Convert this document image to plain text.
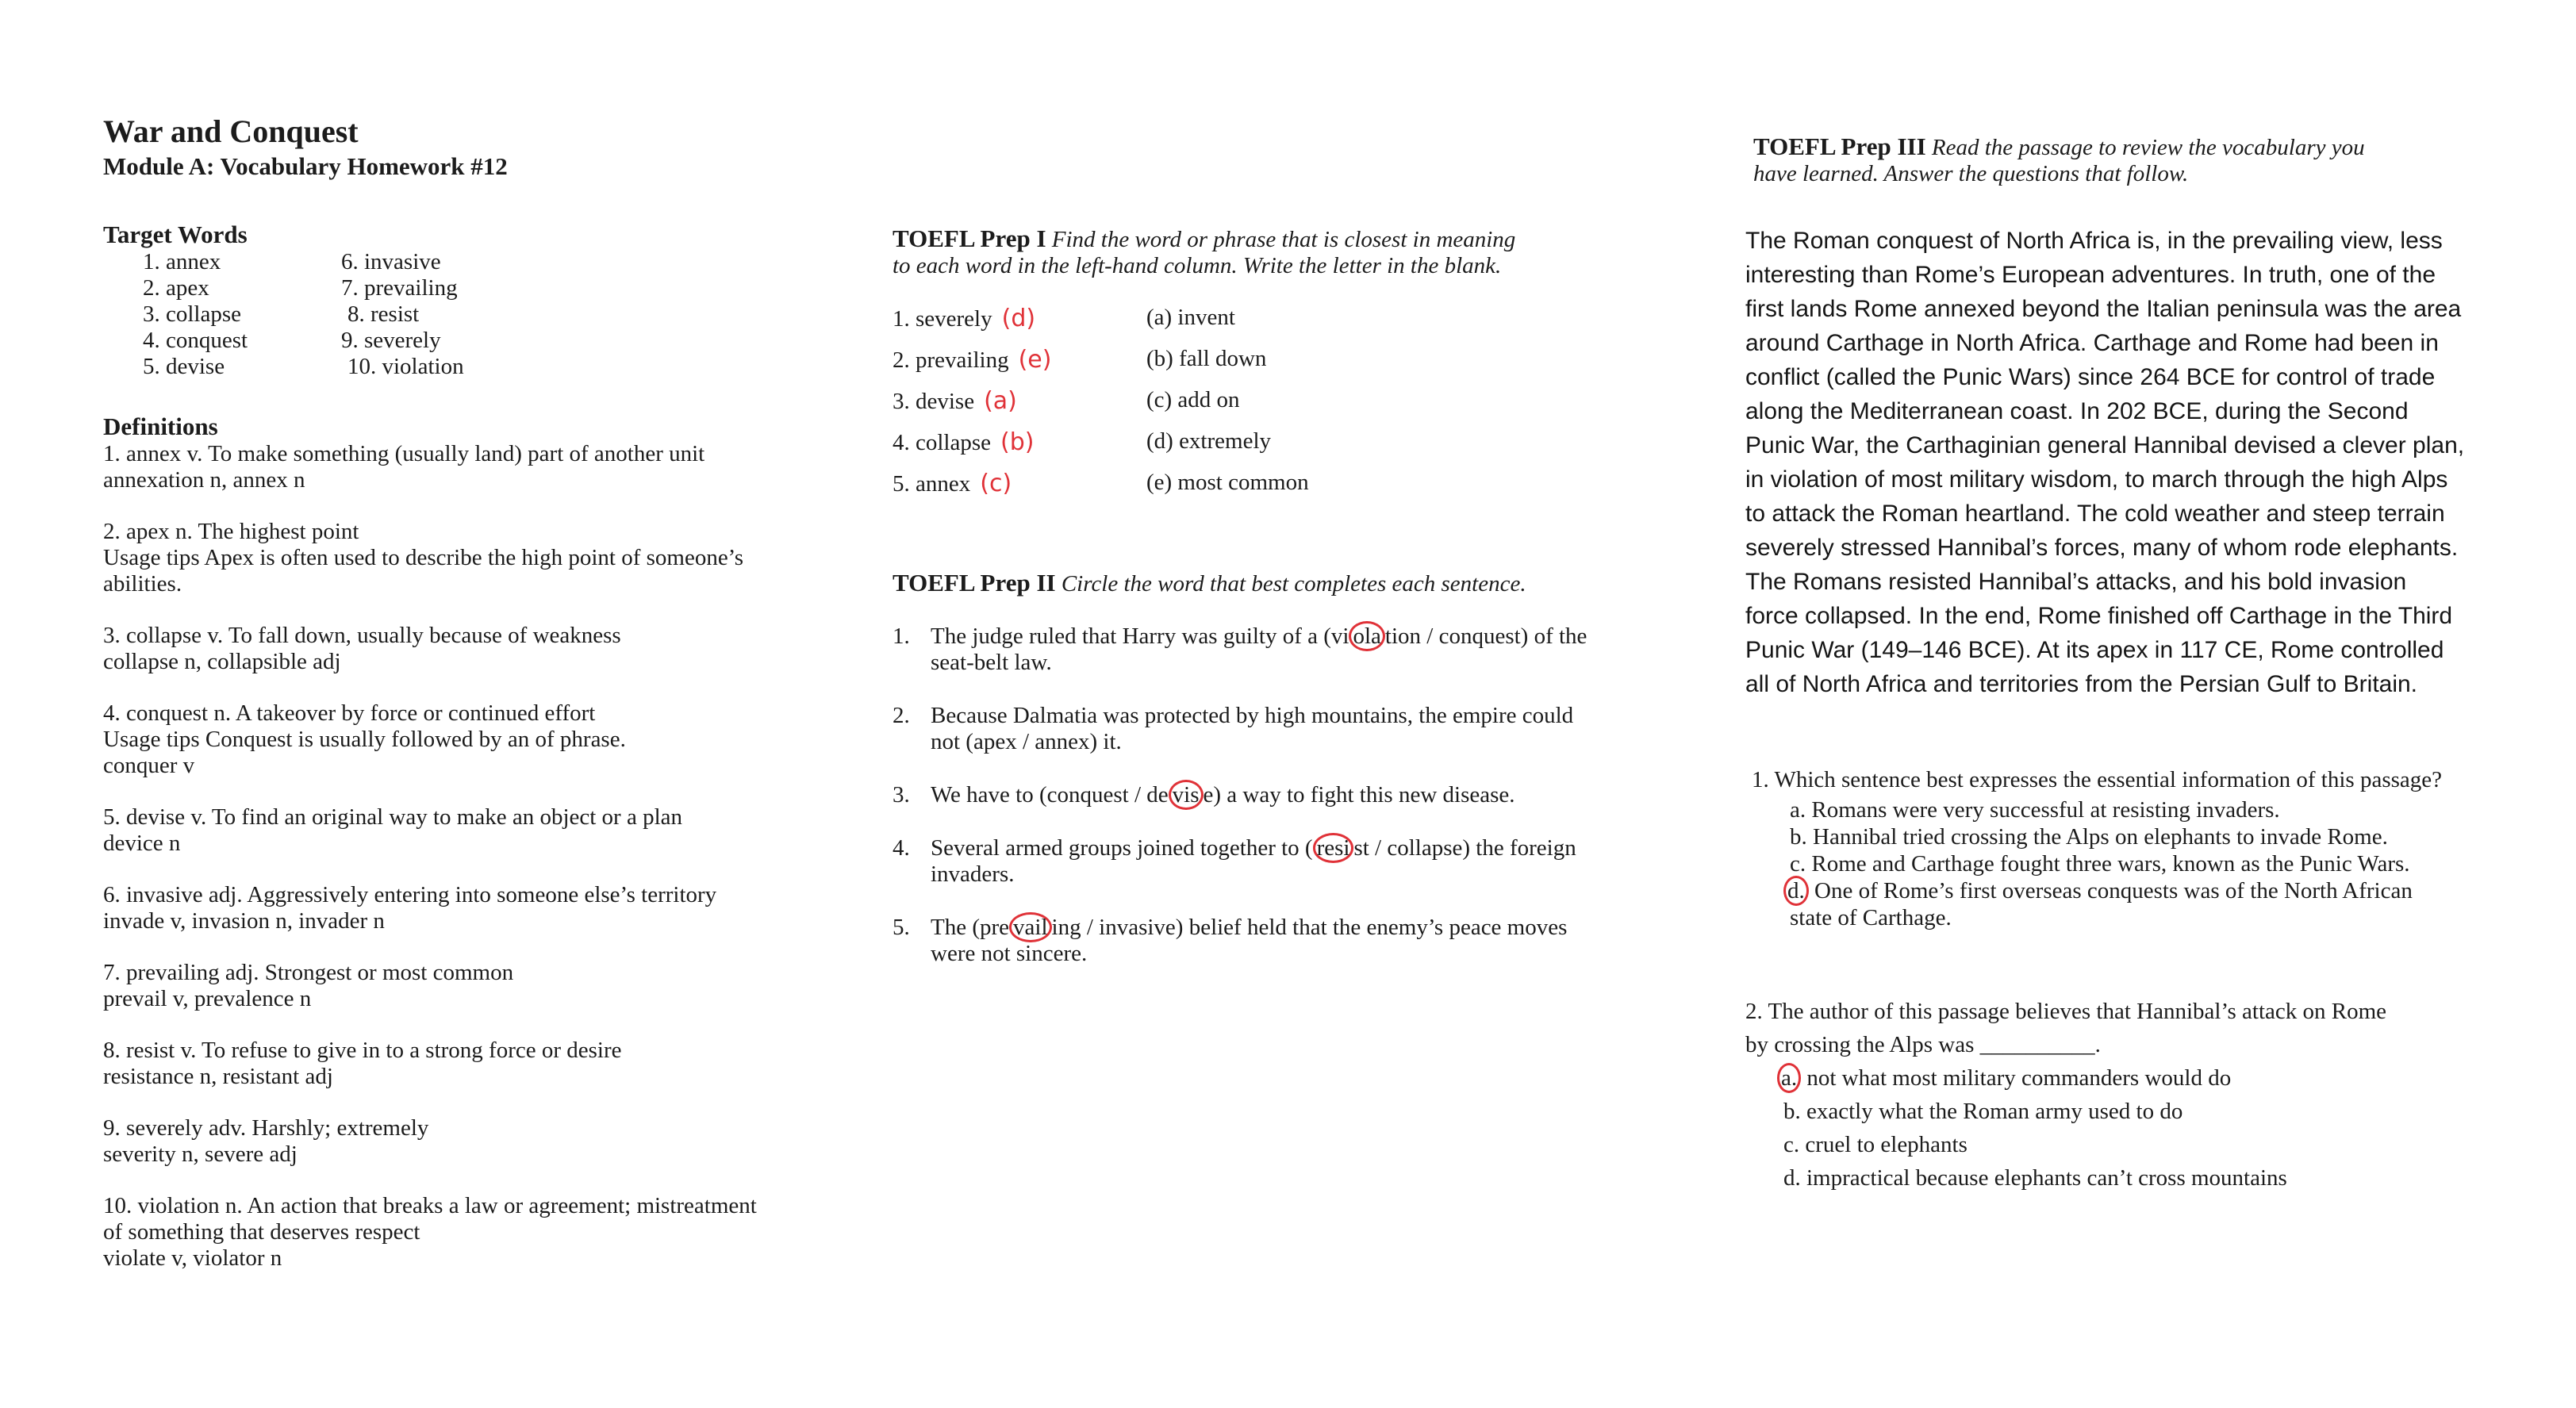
War and Conquest
Module A: Vocabulary Homework #12
Target Words
1. annex	6. invasive
2. apex	7. prevailing
3. collapse	8. resist
4. conquest	9. severely
5. devise	10. violation
Definitions
1. annex v. To make something (usually land) part of another unit
annexation n, annex n
2. apex n. The highest point
Usage tips Apex is often used to describe the high point of someone’s
abilities.
3. collapse v. To fall down, usually because of weakness
collapse n, collapsible adj
4. conquest n. A takeover by force or continued effort
Usage tips Conquest is usually followed by an of phrase.
conquer v
5. devise v. To find an original way to make an object or a plan
device n
6. invasive adj. Aggressively entering into someone else’s territory
invade v, invasion n, invader n
7. prevailing adj. Strongest or most common
prevail v, prevalence n
8. resist v. To refuse to give in to a strong force or desire
resistance n, resistant adj
9. severely adv. Harshly; extremely
severity n, severe adj
10. violation n. An action that breaks a law or agreement; mistreatment
of something that deserves respect
violate v, violator n
TOEFL Prep I Find the word or phrase that is closest in meaning
to each word in the left-hand column. Write the letter in the blank.
1. severely (d)	(a) invent
2. prevailing (e)	(b) fall down
3. devise (a)	(c) add on
4. collapse (b)	(d) extremely
5. annex (c)	(e) most common
TOEFL Prep II Circle the word that best completes each sentence.
1. The judge ruled that Harry was guilty of a (vi ola tion / conquest) of the
seat-belt law.
2. Because Dalmatia was protected by high mountains, the empire could
not (apex / annex) it.
3. We have to (conquest / de vis e) a way to fight this new disease.
4. Several armed groups joined together to ( resi st / collapse) the foreign
invaders.
5. The (pre vail ing / invasive) belief held that the enemy’s peace moves
were not sincere.
TOEFL Prep III Read the passage to review the vocabulary you
have learned. Answer the questions that follow.
The Roman conquest of North Africa is, in the prevailing view, less
interesting than Rome’s European adventures. In truth, one of the
first lands Rome annexed beyond the Italian peninsula was the area
around Carthage in North Africa. Carthage and Rome had been in
conflict (called the Punic Wars) since 264 BCE for control of trade
along the Mediterranean coast. In 202 BCE, during the Second
Punic War, the Carthaginian general Hannibal devised a clever plan,
in violation of most military wisdom, to march through the high Alps
to attack the Roman heartland. The cold weather and steep terrain
severely stressed Hannibal’s forces, many of whom rode elephants.
The Romans resisted Hannibal’s attacks, and his bold invasion
force collapsed. In the end, Rome finished off Carthage in the Third
Punic War (149–146 BCE). At its apex in 117 CE, Rome controlled
all of North Africa and territories from the Persian Gulf to Britain.
1. Which sentence best expresses the essential information of this passage?
a. Romans were very successful at resisting invaders.
b. Hannibal tried crossing the Alps on elephants to invade Rome.
c. Rome and Carthage fought three wars, known as the Punic Wars.
d. One of Rome’s first overseas conquests was of the North African
state of Carthage.
2. The author of this passage believes that Hannibal’s attack on Rome
by crossing the Alps was __________.
a. not what most military commanders would do
b. exactly what the Roman army used to do
c. cruel to elephants
d. impractical because elephants can’t cross mountains
